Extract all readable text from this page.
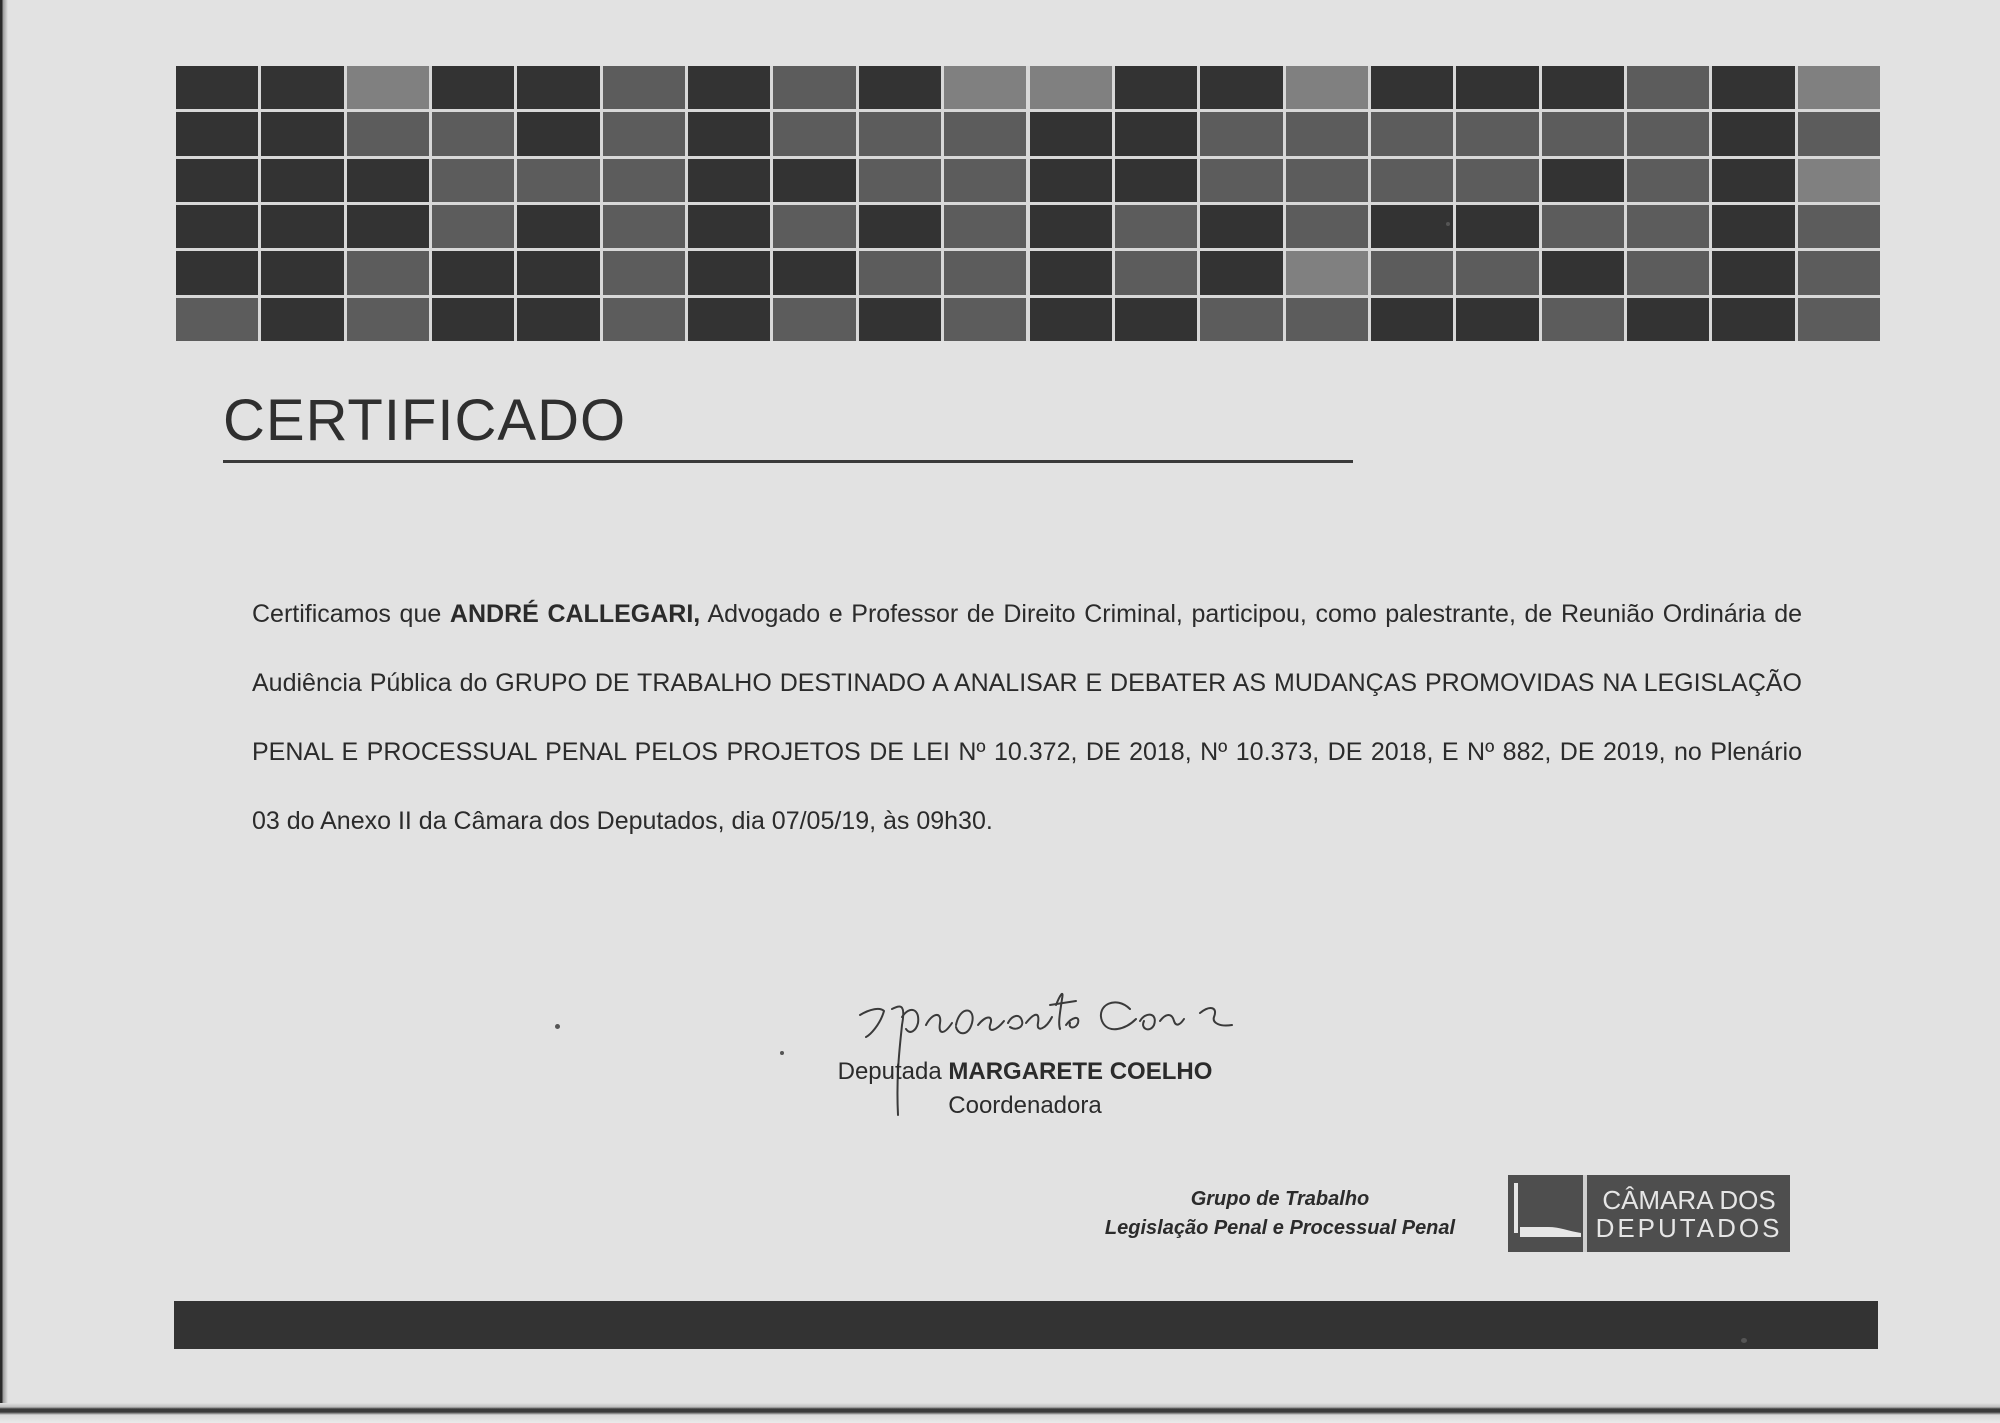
CERTIFICADO
Certificamos que ANDRÉ CALLEGARI, Advogado e Professor de Direito Criminal, participou, como palestrante, de Reunião Ordinária de Audiência Pública do GRUPO DE TRABALHO DESTINADO A ANALISAR E DEBATER AS MUDANÇAS PROMOVIDAS NA LEGISLAÇÃO PENAL E PROCESSUAL PENAL PELOS PROJETOS DE LEI Nº 10.372, DE 2018, Nº 10.373, DE 2018, E Nº 882, DE 2019, no Plenário 03 do Anexo II da Câmara dos Deputados, dia 07/05/19, às 09h30.
Deputada MARGARETE COELHO
Coordenadora
Grupo de Trabalho
Legislação Penal e Processual Penal
CÂMARA DOS
DEPUTADOS
